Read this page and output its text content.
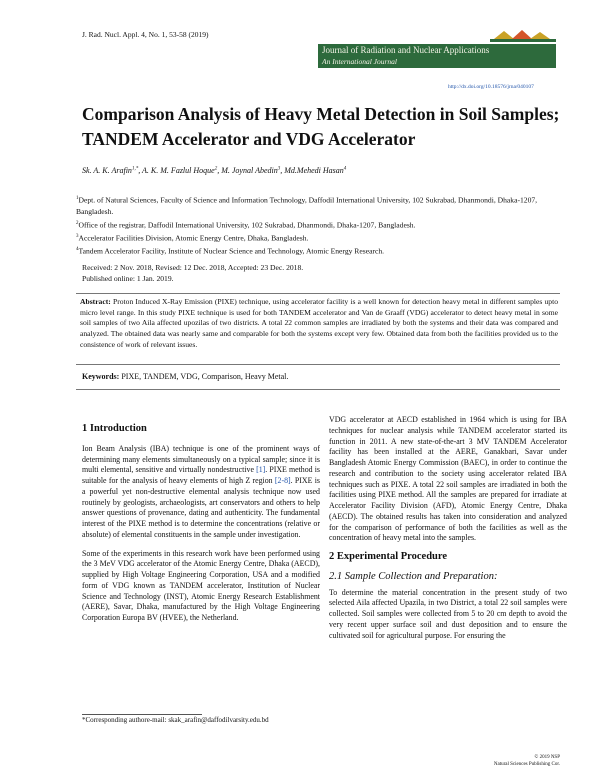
J. Rad. Nucl. Appl. 4, No. 1, 53-58 (2019)
Journal of Radiation and Nuclear Applications
An International Journal
http://dx.doi.org/10.18576/jrna/040107
Comparison Analysis of Heavy Metal Detection in Soil Samples; TANDEM Accelerator and VDG Accelerator
Sk. A. K. Arafin$^{1,*}$, A. K. M. Fazlul Hoque$^2$, M. Joynal Abedin$^3$, Md.Mehedi Hasan$^4$

$^1$Dept. of Natural Sciences, Faculty of Science and Information Technology, Daffodil International University, 102 Sukrabad, Dhanmondi, Dhaka-1207, Bangladesh.

$^2$Office of the registrar, Daffodil International University, 102 Sukrabad, Dhanmondi, Dhaka-1207, Bangladesh.

$^3$Accelerator Facilities Division, Atomic Energy Centre, Dhaka, Bangladesh.

$^4$Tandem Accelerator Facility, Institute of Nuclear Science and Technology, Atomic Energy Research.

Received: 2 Nov. 2018, Revised: 12 Dec. 2018, Accepted: 23 Dec. 2018.

Published online: 1 Jan. 2019.

Abstract: Proton Induced X-Ray Emission (PIXE) technique, using accelerator facility is a well known for detection heavy metal in different samples upto micro level range. In this study PIXE technique is used for both TANDEM accelerator and Van de Graaff (VDG) accelerator to detect heavy metal in some soil samples of two Aila affected upozilas of two districts. A total 22 common samples are irradiated by both the systems and their data was compared and analyzed. The obtained data was nearly same and comparable for both the systems except very few. Obtained data from both the facilities provided us to the consistence of work of relevant issues.

Keywords: PIXE, TANDEM, VDG, Comparison, Heavy Metal.
1 Introduction

Ion Beam Analysis (IBA) technique is one of the prominent ways of determining many elements simultaneously on a typical sample; since it is multi elemental, sensitive and virtually nondestructive [1]. PIXE method is suitable for the analysis of heavy elements of high Z region [2-8]. PIXE is a powerful yet non-destructive elemental analysis technique now used routinely by geologists, archaeologists, art conservators and others to help answer questions of provenance, dating and authenticity. The fundamental interest of the PIXE method is to determine the concentrations (relative or absolute) of elemental constituents in the sample under investigation.

Some of the experiments in this research work have been performed using the 3 MeV VDG accelerator of the Atomic Energy Centre, Dhaka (AECD), supplied by High Voltage Engineering Corporation, USA and a modified form of VDG known as TANDEM accelerator, Institution of Nuclear Science and Technology (INST), Atomic Energy Research Establishment (AERE), Savar, Dhaka, manufactured by the High Voltage Engineering Corporation Europa BV (HVEE), the Netherland.

VDG accelerator at AECD established in 1964 which is using for IBA techniques for nuclear analysis while TANDEM accelerator started its function in 2011. A new state-of-the-art 3 MV TANDEM Accelerator facility has been installed at the AERE, Ganakbari, Savar under Bangladesh Atomic Energy Commission (BAEC), in order to continue the research and contribution to the society using accelerator related IBA techniques such as PIXE. A total 22 soil samples are irradiated in both the facilities using PIXE method. All the samples are prepared for irradiate at Accelerator Facility Division (AFD), Atomic Energy Centre, Dhaka (AECD). The obtained results has taken into consideration and analyzed for the comparison of performance of both the facilities as well as the concentration of heavy metal into the samples.

2 Experimental Procedure
2.1 Sample Collection and Preparation:

To determine the material concentration in the present study of two selected Aila affected Upazila, in two District, a total 22 soil samples were collected. Soil samples were collected from 5 to 20 cm depth to avoid the very recent upper surface soil and dust deposition and to ensure the cultivated soil for agricultural purpose. For ensuring the

*Corresponding authore-mail: skak_arafin@daffodilvarsity.edu.bd
© 2019 NSP
Natural Sciences Publishing Cor.
